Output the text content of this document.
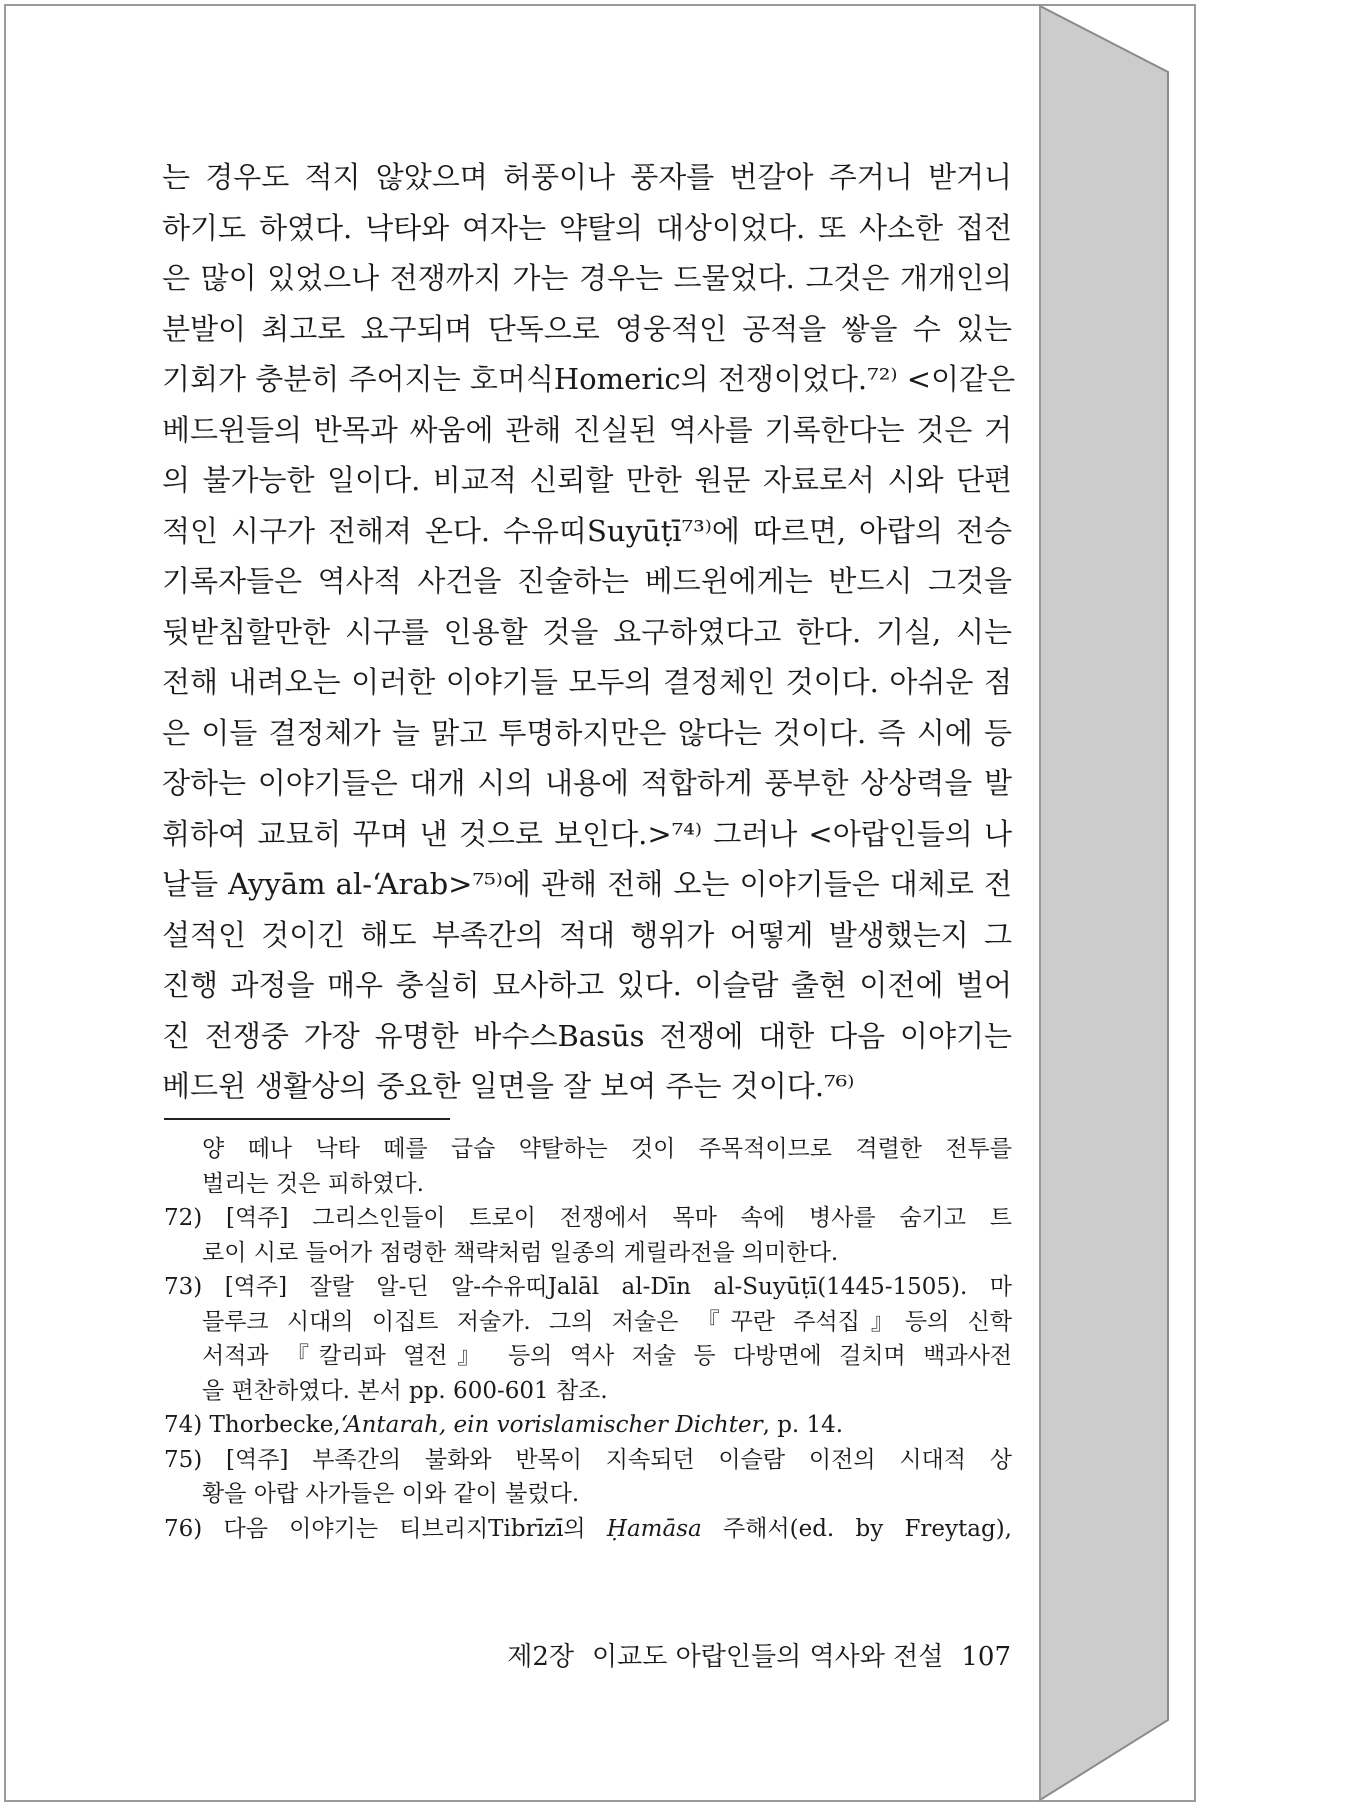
는 경우도 적지 않았으며 허풍이나 풍자를 번갈아 주거니 받거니
하기도 하였다. 낙타와 여자는 약탈의 대상이었다. 또 사소한 접전
은 많이 있었으나 전쟁까지 가는 경우는 드물었다. 그것은 개개인의
분발이 최고로 요구되며 단독으로 영웅적인 공적을 쌓을 수 있는
기회가 충분히 주어지는 호머식Homeric의 전쟁이었다.⁷²⁾ <이같은
베드윈들의 반목과 싸움에 관해 진실된 역사를 기록한다는 것은 거
의 불가능한 일이다. 비교적 신뢰할 만한 원문 자료로서 시와 단편
적인 시구가 전해져 온다. 수유띠Suyūṭī⁷³⁾에 따르면, 아랍의 전승
기록자들은 역사적 사건을 진술하는 베드윈에게는 반드시 그것을
뒷받침할만한 시구를 인용할 것을 요구하였다고 한다. 기실, 시는
전해 내려오는 이러한 이야기들 모두의 결정체인 것이다. 아쉬운 점
은 이들 결정체가 늘 맑고 투명하지만은 않다는 것이다. 즉 시에 등
장하는 이야기들은 대개 시의 내용에 적합하게 풍부한 상상력을 발
휘하여 교묘히 꾸며 낸 것으로 보인다.>⁷⁴⁾ 그러나 <아랍인들의 나
날들 Ayyām al-‘Arab>⁷⁵⁾에 관해 전해 오는 이야기들은 대체로 전
설적인 것이긴 해도 부족간의 적대 행위가 어떻게 발생했는지 그
진행 과정을 매우 충실히 묘사하고 있다. 이슬람 출현 이전에 벌어
진 전쟁중 가장 유명한 바수스Basūs 전쟁에 대한 다음 이야기는
베드윈 생활상의 중요한 일면을 잘 보여 주는 것이다.⁷⁶⁾
양 떼나 낙타 떼를 급습 약탈하는 것이 주목적이므로 격렬한 전투를
벌리는 것은 피하였다.
72) [역주] 그리스인들이 트로이 전쟁에서 목마 속에 병사를 숨기고 트
로이 시로 들어가 점령한 책략처럼 일종의 게릴라전을 의미한다.
73) [역주] 잘랄 알-딘 알-수유띠Jalāl al-Dīn al-Suyūṭī(1445-1505). 마
믈루크 시대의 이집트 저술가. 그의 저술은 『꾸란 주석집』등의 신학
서적과 『칼리파 열전』 등의 역사 저술 등 다방면에 걸치며 백과사전
을 편찬하였다. 본서 pp. 600-601 참조.
74) Thorbecke,‘Antarah, ein vorislamischer Dichter, p. 14.
75) [역주] 부족간의 불화와 반목이 지속되던 이슬람 이전의 시대적 상
황을 아랍 사가들은 이와 같이 불렀다.
76) 다음 이야기는 티브리지Tibrīzī의 Ḥamāsa 주해서(ed. by Freytag),
제2장 이교도 아랍인들의 역사와 전설 107
